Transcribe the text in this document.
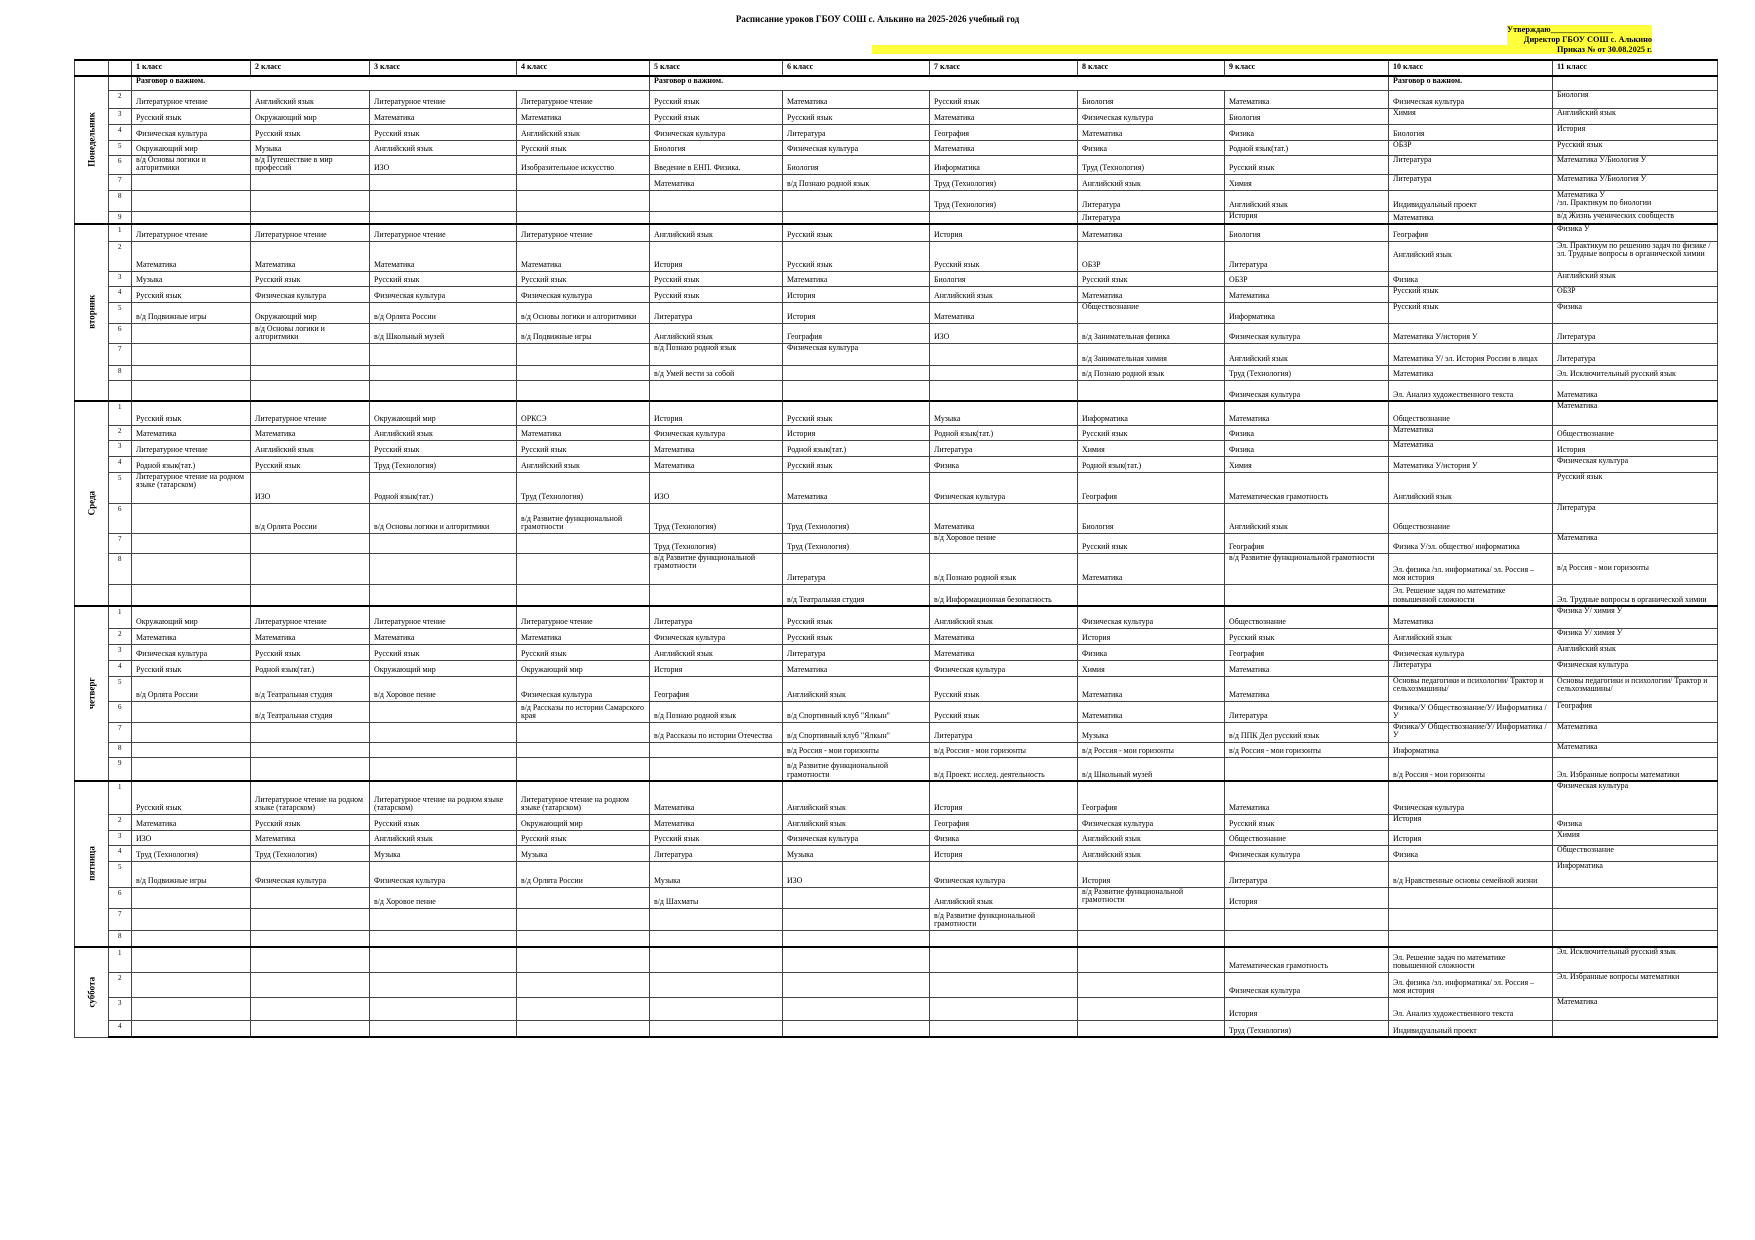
Расписание уроков ГБОУ СОШ с. Алькино на 2025-2026 учебный год
Утверждаю_______________
Директор ГБОУ СОШ с. Алькино
Приказ № от 30.08.2025 г.
		1 класс	2 класс	3 класс	4 класс	5 класс	6 класс	7 класс	8 класс	9 класс	10 класс	11 класс

Понедельник		Разговор о важном.				Разговор о важном.					Разговор о важном.	
	2	Литературное чтение	Английский язык	Литературное чтение	Литературное чтение	Русский язык	Математика	Русский язык	Биология	Математика	Физическая культура	Биология
	3	Русский язык	Окружающий мир	Математика	Математика	Русский язык	Русский язык	Математика	Физическая культура	Биология	Химия	Английский язык
	4	Физическая культура	Русский язык	Русский язык	Английский язык	Физическая культура	Литература	География	Математика	Физика	Биология	История
	5	Окружающий мир	Музыка	Английский язык	Русский язык	Биология	Физическая культура	Математика	Физика	Родной язык(тат.)	ОБЗР	Русский язык
	6	в/д Основы логики и алгоритмики	в/д Путешествие в мир профессий	ИЗО	Изобразительное искусство	Введение в ЕНП. Физика.	Биология	Информатика	Труд (Технология)	Русский язык	Литература	Математика У/Биология У
	7					Математика	в/д Познаю родной язык	Труд (Технология)	Английский язык	Химия	Литература	Математика У/Биология У
	8							Труд (Технология)	Литература	Английский язык	Индивидуальный проект	Математика У
/эл. Практикум по биологии
	9								Литература	История	Математика	в/д Жизнь ученических сообществ

вторник	1	Литературное чтение	Литературное чтение	Литературное чтение	Литературное чтение	Английский язык	Русский язык	История	Математика	Биология	География	Физика У
	2	Математика	Математика	Математика	Математика	История	Русский язык	Русский язык	ОБЗР	Литература	Английский язык	Эл. Практикум по решению задач по физике /эл. Трудные вопросы в органической химии
	3	Музыка	Русский язык	Русский язык	Русский язык	Русский язык	Математика	Биология	Русский язык	ОБЗР	Физика	Английский язык
	4	Русский язык	Физическая культура	Физическая культура	Физическая культура	Русский язык	История	Английский язык	Математика	Математика	Русский язык	ОБЗР
	5	в/д Подвижные игры	Окружающий мир	в/д Орлята России	в/д Основы логики и алгоритмики	Литература	История	Математика	Обществознание	Информатика	Русский язык	Физика
	6		в/д Основы логики и алгоритмики	в/д Школьный музей	в/д Подвижные игры	Английский язык	География	ИЗО	в/д Занимательная физика	Физическая культура	Математика У/история У	Литература
	7					в/д Познаю родной язык	Физическая культура		в/д Занимательная химия	Английский язык	Математика У/ эл. История России в лицах	Литература
	8					в/д Умей вести за собой			в/д Познаю родной язык	Труд (Технология)	Математика	Эл. Исключительный русский язык
										Физическая культура	Эл. Анализ художественного текста	Математика

Среда	1	Русский язык	Литературное чтение	Окружающий мир	ОРКСЭ	История	Русский язык	Музыка	Информатика	Математика	Обществознание	Математика
	2	Математика	Математика	Английский язык	Математика	Физическая культура	История	Родной язык(тат.)	Русский язык	Физика	Математика	Обществознание
	3	Литературное чтение	Английский язык	Русский язык	Русский язык	Математика	Родной язык(тат.)	Литература	Химия	Физика	Математика	История
	4	Родной язык(тат.)	Русский язык	Труд (Технология)	Английский язык	Математика	Русский язык	Физика	Родной язык(тат.)	Химия	Математика У/история У	Физическая культура
	5	Литературное чтение на родном языке (татарском)	ИЗО	Родной язык(тат.)	Труд (Технология)	ИЗО	Математика	Физическая культура	География	Математическая грамотность	Английский язык	Русский язык
	6		в/д Орлята России	в/д Основы логики и алгоритмики	в/д Развитие функциональной грамотности	Труд (Технология)	Труд (Технология)	Математика	Биология	Английский язык	Обществознание	Литература
	7					Труд (Технология)	Труд (Технология)	в/д Хоровое пение	Русский язык	География	Физика У/эл. общество/ информатика	Математика
	8					в/д Развитие функциональной грамотности	Литература	в/д Познаю родной язык	Математика	в/д Развитие функциональной грамотности	Эл. физика /эл. информатика/ эл. Россия – моя история	в/д Россия - мои горизонты
							в/д Театральная студия	в/д Информационная безопасность			Эл. Решение задач по математике повышенной сложности	Эл. Трудные вопросы в органической химии

четверг	1	Окружающий мир	Литературное чтение	Литературное чтение	Литературное чтение	Литература	Русский язык	Английский язык	Физическая культура	Обществознание	Математика	Физика У/ химия У
	2	Математика	Математика	Математика	Математика	Физическая культура	Русский язык	Математика	История	Русский язык	Английский язык	Физика У/ химия У
	3	Физическая культура	Русский язык	Русский язык	Русский язык	Английский язык	Литература	Математика	Физика	География	Физическая культура	Английский язык
	4	Русский язык	Родной язык(тат.)	Окружающий мир	Окружающий мир	История	Математика	Физическая культура	Химия	Математика	Литература	Физическая культура
	5	в/д Орлята России	в/д Театральная студия	в/д Хоровое пение	Физическая культура	География	Английский язык	Русский язык	Математика	Математика	Основы педагогики и психологии/ Трактор и сельхозмашины/	Основы педагогики и психологии/ Трактор и сельхозмашины/
	6		в/д Театральная студия		в/д Рассказы по истории Самарского края	в/д Познаю родной язык	в/д Спортивный клуб "Ялкын"	Русский язык	Математика	Литература	Физика/У Обществознание/У/ Информатика /У	География
	7					в/д Рассказы по истории Отечества	в/д Спортивный клуб "Ялкын"	Литература	Музыка	в/д ППК Дел русский язык	Физика/У Обществознание/У/ Информатика /У	Математика
	8						в/д Россия - мои горизонты	в/д Россия - мои горизонты	в/д Россия - мои горизонты	в/д Россия - мои горизонты	Информатика	Математика
	9						в/д Развитие функциональной грамотности	в/д Проект. исслед. деятельность	в/д Школьный музей		в/д Россия - мои горизонты	Эл. Избранные вопросы математики

пятница	1	Русский язык	Литературное чтение на родном языке (татарском)	Литературное чтение на родном языке (татарском)	Литературное чтение на родном языке (татарском)	Математика	Английский язык	История	География	Математика	Физическая культура	Физическая культура
	2	Математика	Русский язык	Русский язык	Окружающий мир	Математика	Английский язык	География	Физическая культура	Русский язык	История	Физика
	3	ИЗО	Математика	Английский язык	Русский язык	Русский язык	Физическая культура	Физика	Английский язык	Обществознание	История	Химия
	4	Труд (Технология)	Труд (Технология)	Музыка	Музыка	Литература	Музыка	История	Английский язык	Физическая культура	Физика	Обществознание
	5	в/д Подвижные игры	Физическая культура	Физическая культура	в/д Орлята России	Музыка	ИЗО	Физическая культура	История	Литература	в/д Нравственные основы семейной жизни	Информатика
	6			в/д Хоровое пение		в/д Шахматы		Английский язык	в/д Развитие функциональной грамотности	История		
	7							в/д Развитие функциональной грамотности				
	8											

суббота	1									Математическая грамотность	Эл. Решение задач по математике повышенной сложности	Эл. Исключительный русский язык
	2									Физическая культура	Эл. физика /эл. информатика/ эл. Россия – моя история	Эл. Избранные вопросы математики
	3									История	Эл. Анализ художественного текста	Математика
	4									Труд (Технология)	Индивидуальный проект	
